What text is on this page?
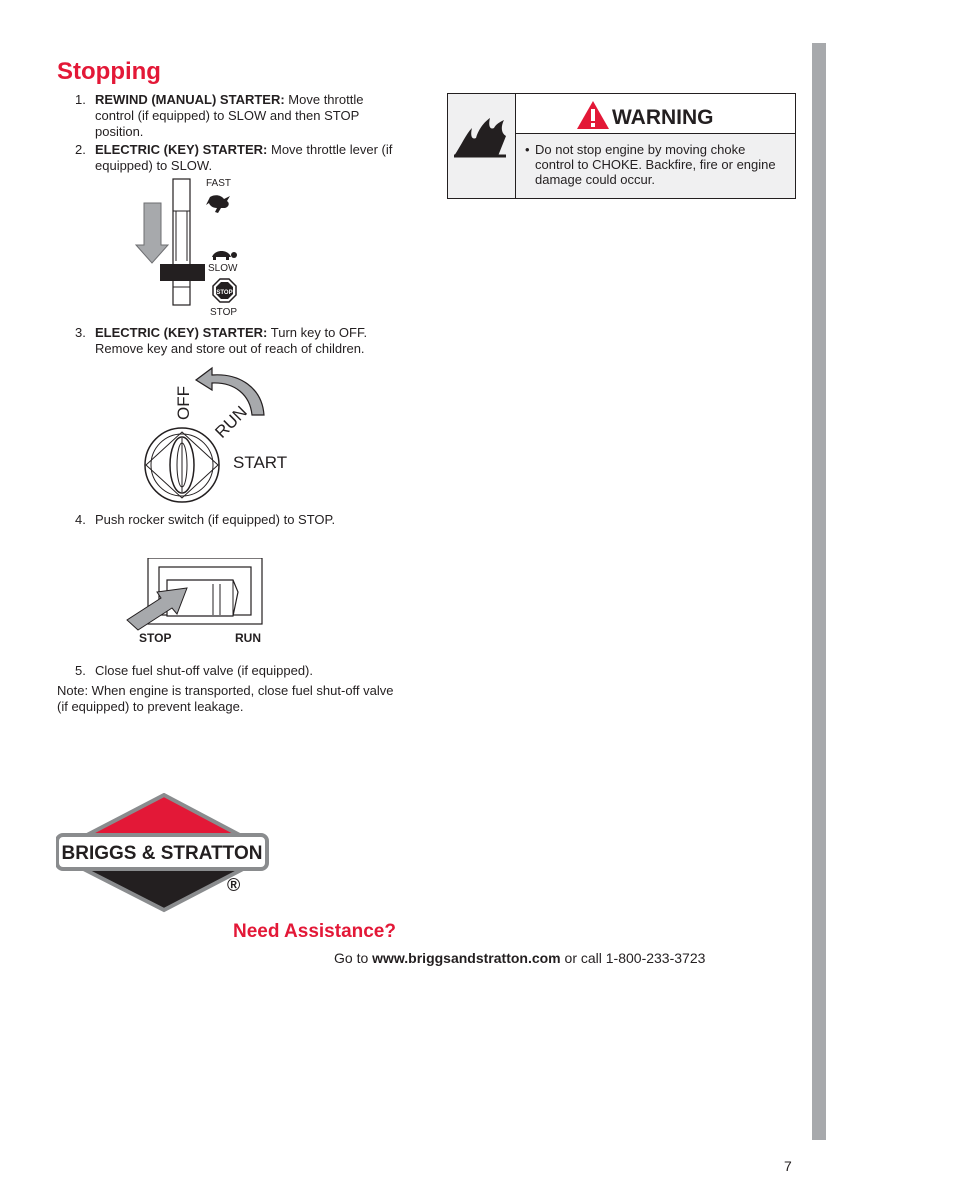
Stopping
1. REWIND (MANUAL) STARTER: Move throttle control (if equipped) to SLOW and then STOP position.
2. ELECTRIC (KEY) STARTER: Move throttle lever (if equipped) to SLOW.
FAST
SLOW
STOP
STOP
3. ELECTRIC (KEY) STARTER: Turn key to OFF. Remove key and store out of reach of children.
OFF RUN
START
4. Push rocker switch (if equipped) to STOP.
STOP	RUN
5. Close fuel shut-off valve (if equipped).
Note: When engine is transported, close fuel shut-off valve (if equipped) to prevent leakage.
WARNING
• Do not stop engine by moving choke control to CHOKE. Backfire, fire or engine damage could occur.
BRIGGS & STRATTON
®
Need Assistance?
Go to www.briggsandstratton.com or call 1-800-233-3723
7
